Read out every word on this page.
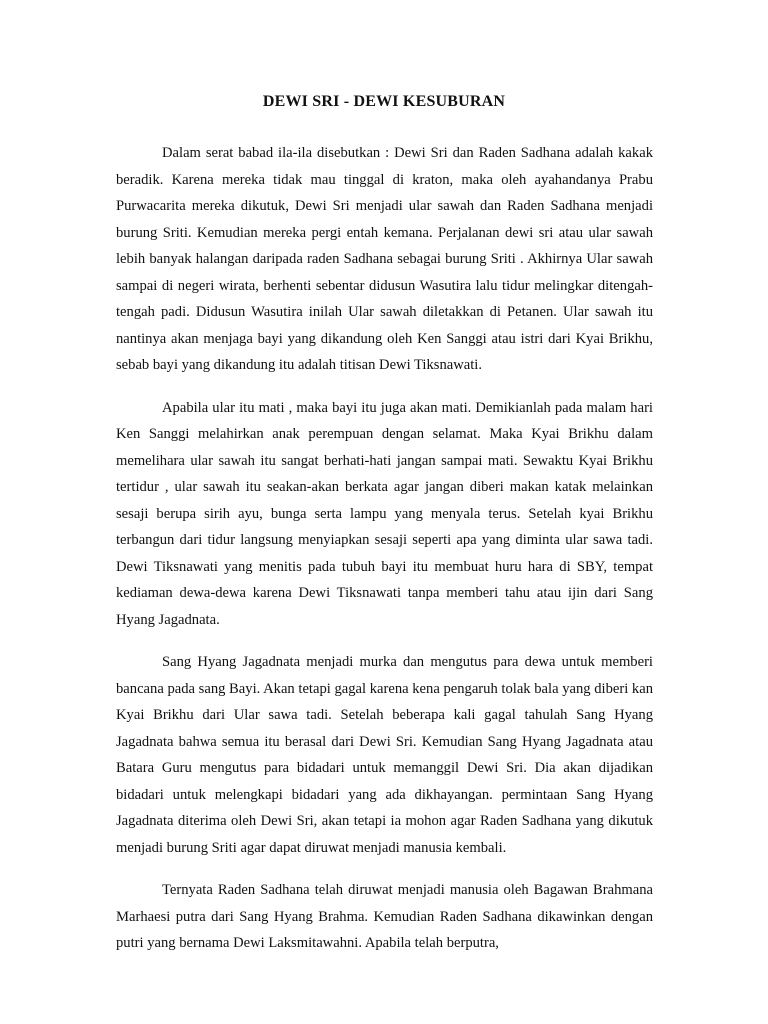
DEWI SRI - DEWI KESUBURAN

Dalam serat babad ila-ila disebutkan : Dewi Sri dan Raden Sadhana adalah kakak beradik. Karena mereka tidak mau tinggal di kraton, maka oleh ayahandanya Prabu Purwacarita mereka dikutuk, Dewi Sri menjadi ular sawah dan Raden Sadhana menjadi burung Sriti. Kemudian mereka pergi entah kemana. Perjalanan dewi sri atau ular sawah lebih banyak halangan daripada raden Sadhana sebagai burung Sriti . Akhirnya Ular sawah sampai di negeri wirata, berhenti sebentar didusun Wasutira lalu tidur melingkar ditengah-tengah padi. Didusun Wasutira inilah Ular sawah diletakkan di Petanen. Ular sawah itu nantinya akan menjaga bayi yang dikandung oleh Ken Sanggi atau istri dari Kyai Brikhu, sebab bayi yang dikandung itu adalah titisan Dewi Tiksnawati.

Apabila ular itu mati , maka bayi itu juga akan mati. Demikianlah pada malam hari Ken Sanggi melahirkan anak perempuan dengan selamat. Maka Kyai Brikhu dalam memelihara ular sawah itu sangat berhati-hati jangan sampai mati. Sewaktu Kyai Brikhu tertidur , ular sawah itu seakan-akan berkata agar jangan diberi makan katak melainkan sesaji berupa sirih ayu, bunga serta lampu yang menyala terus. Setelah kyai Brikhu terbangun dari tidur langsung menyiapkan sesaji seperti apa yang diminta ular sawa tadi. Dewi Tiksnawati yang menitis pada tubuh bayi itu membuat huru hara di SBY, tempat kediaman dewa-dewa karena Dewi Tiksnawati tanpa memberi tahu atau ijin dari Sang Hyang Jagadnata.

Sang Hyang Jagadnata menjadi murka dan mengutus para dewa untuk memberi bancana pada sang Bayi. Akan tetapi gagal karena kena pengaruh tolak bala yang diberi kan Kyai Brikhu dari Ular sawa tadi. Setelah beberapa kali gagal tahulah Sang Hyang Jagadnata bahwa semua itu berasal dari Dewi Sri. Kemudian Sang Hyang Jagadnata atau Batara Guru mengutus para bidadari untuk memanggil Dewi Sri. Dia akan dijadikan bidadari untuk melengkapi bidadari yang ada dikhayangan. permintaan Sang Hyang Jagadnata diterima oleh Dewi Sri, akan tetapi ia mohon agar Raden Sadhana yang dikutuk menjadi burung Sriti agar dapat diruwat menjadi manusia kembali.

Ternyata Raden Sadhana telah diruwat menjadi manusia oleh Bagawan Brahmana Marhaesi putra dari Sang Hyang Brahma. Kemudian Raden Sadhana dikawinkan dengan putri yang bernama Dewi Laksmitawahni. Apabila telah berputra,
